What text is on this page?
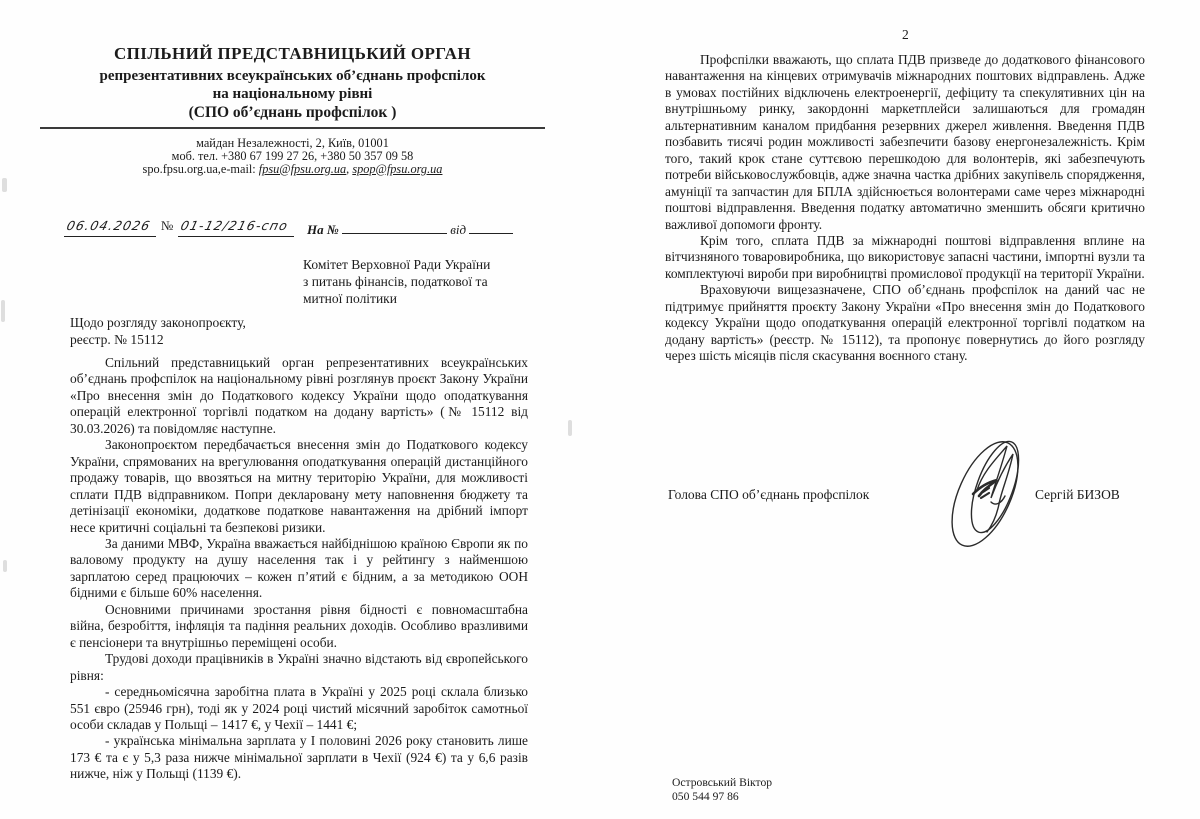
СПІЛЬНИЙ ПРЕДСТАВНИЦЬКИЙ ОРГАН
репрезентативних всеукраїнських об’єднань профспілок
на національному рівні
(СПО об’єднань профспілок )
майдан Незалежності, 2, Київ, 01001
моб. тел. +380 67 199 27 26, +380 50 357 09 58
spo.fpsu.org.ua,e-mail: fpsu@fpsu.org.ua, spop@fpsu.org.ua
06.04.2026 № 01-12/216-спо На №	від
Комітет Верховної Ради України
з питань фінансів, податкової та
митної політики
Щодо розгляду законопроєкту,
реєстр. № 15112

Спільний представницький орган репрезентативних всеукраїнських об’єднань профспілок на національному рівні розглянув проєкт Закону України «Про внесення змін до Податкового кодексу України щодо оподаткування операцій електронної торгівлі податком на додану вартість» (№ 15112 від 30.03.2026) та повідомляє наступне.

Законопроєктом передбачається внесення змін до Податкового кодексу України, спрямованих на врегулювання оподаткування операцій дистанційного продажу товарів, що ввозяться на митну територію України, для можливості сплати ПДВ відправником. Попри декларовану мету наповнення бюджету та детінізації економіки, додаткове податкове навантаження на дрібний імпорт несе критичні соціальні та безпекові ризики.

За даними МВФ, Україна вважається найбіднішою країною Європи як по валовому продукту на душу населення так і у рейтингу з найменшою зарплатою серед працюючих – кожен п’ятий є бідним, а за методикою ООН бідними є більше 60% населення.

Основними причинами зростання рівня бідності є повномасштабна війна, безробіття, інфляція та падіння реальних доходів. Особливо вразливими є пенсіонери та внутрішньо переміщені особи.

Трудові доходи працівників в Україні значно відстають від європейського рівня:

- середньомісячна заробітна плата в Україні у 2025 році склала близько 551 євро (25946 грн), тоді як у 2024 році чистий місячний заробіток самотньої особи складав у Польщі – 1417 €, у Чехії – 1441 €;

- українська мінімальна зарплата у І половині 2026 року становить лише 173 € та є у 5,3 раза нижче мінімальної зарплати в Чехії (924 €) та у 6,6 разів нижче, ніж у Польщі (1139 €).

2

Профспілки вважають, що сплата ПДВ призведе до додаткового фінансового навантаження на кінцевих отримувачів міжнародних поштових відправлень. Адже в умовах постійних відключень електроенергії, дефіциту та спекулятивних цін на внутрішньому ринку, закордонні маркетплейси залишаються для громадян альтернативним каналом придбання резервних джерел живлення. Введення ПДВ позбавить тисячі родин можливості забезпечити базову енергонезалежність. Крім того, такий крок стане суттєвою перешкодою для волонтерів, які забезпечують потреби військовослужбовців, адже значна частка дрібних закупівель спорядження, амуніції та запчастин для БПЛА здійснюється волонтерами саме через міжнародні поштові відправлення. Введення податку автоматично зменшить обсяги критично важливої допомоги фронту.

Крім того, сплата ПДВ за міжнародні поштові відправлення вплине на вітчизняного товаровиробника, що використовує запасні частини, імпортні вузли та комплектуючі вироби при виробництві промислової продукції на території України.

Враховуючи вищезазначене, СПО об’єднань профспілок на даний час не підтримує прийняття проєкту Закону України «Про внесення змін до Податкового кодексу України щодо оподаткування операцій електронної торгівлі податком на додану вартість» (реєстр. № 15112), та пропонує повернутись до його розгляду через шість місяців після скасування воєнного стану.

Голова СПО об’єднань профспілок	Сергій БИЗОВ
Островський Віктор
050 544 97 86
